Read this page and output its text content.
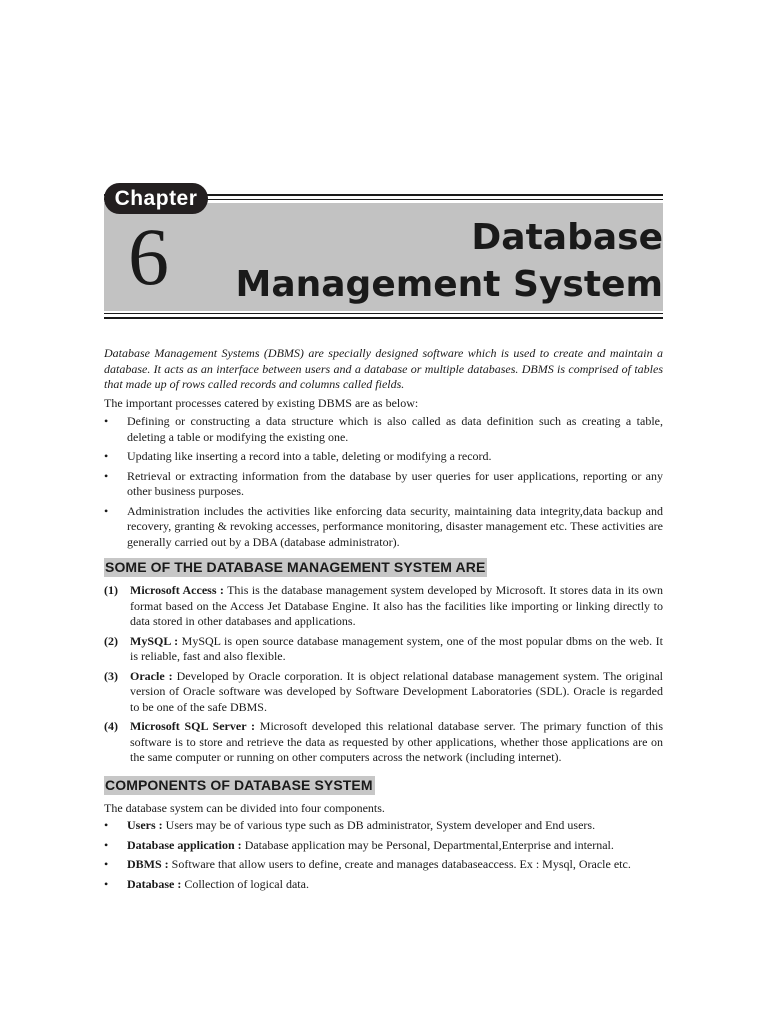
Chapter
6	Database
Management System

Database Management Systems (DBMS) are specially designed software which is used to create and maintain a database. It acts as an interface between users and a database or multiple databases. DBMS is comprised of tables that made up of rows called records and columns called fields.

The important processes catered by existing DBMS are as below:

• Defining or constructing a data structure which is also called as data definition such as creating a table, deleting a table or modifying the existing one.
• Updating like inserting a record into a table, deleting or modifying a record.
• Retrieval or extracting information from the database by user queries for user applications, reporting or any other business purposes.
• Administration includes the activities like enforcing data security, maintaining data integrity,data backup and recovery, granting & revoking accesses, performance monitoring, disaster management etc. These activities are generally carried out by a DBA (database administrator).
SOME OF THE DATABASE MANAGEMENT SYSTEM ARE
(1) Microsoft Access : This is the database management system developed by Microsoft. It stores data in its own format based on the Access Jet Database Engine. It also has the facilities like importing or linking directly to data stored in other databases and applications.
(2) MySQL : MySQL is open source database management system, one of the most popular dbms on the web. It is reliable, fast and also flexible.
(3) Oracle : Developed by Oracle corporation. It is object relational database management system. The original version of Oracle software was developed by Software Development Laboratories (SDL). Oracle is regarded to be one of the safe DBMS.
(4) Microsoft SQL Server : Microsoft developed this relational database server. The primary function of this software is to store and retrieve the data as requested by other applications, whether those applications are on the same computer or running on other computers across the network (including internet).
COMPONENTS OF DATABASE SYSTEM

The database system can be divided into four components.

• Users : Users may be of various type such as DB administrator, System developer and End users.
• Database application : Database application may be Personal, Departmental,Enterprise and internal.
• DBMS : Software that allow users to define, create and manages databaseaccess. Ex : Mysql, Oracle etc.
• Database : Collection of logical data.
